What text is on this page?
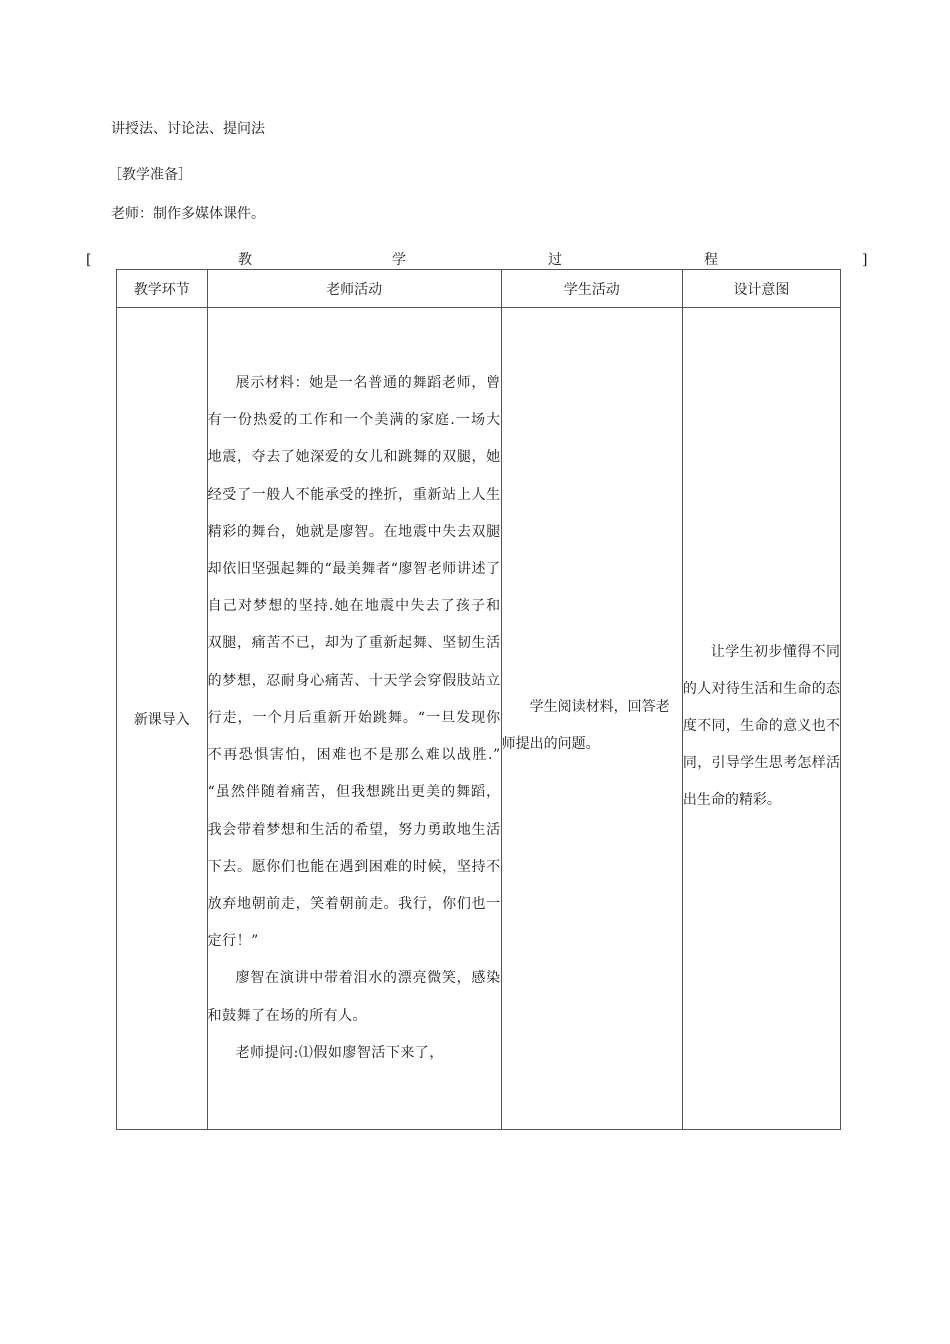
讲授法、讨论法、提问法
［教学准备］
老师：制作多媒体课件。
[	教	学	过	程	]
教学环节	老师活动	学生活动	设计意图
新课导入	展示材料：她是一名普通的舞蹈老师，曾有一份热爱的工作和一个美满的家庭.一场大地震，夺去了她深爱的女儿和跳舞的双腿，她经受了一般人不能承受的挫折，重新站上人生精彩的舞台，她就是廖智。在地震中失去双腿却依旧坚强起舞的“最美舞者“廖智老师讲述了自己对梦想的坚持.她在地震中失去了孩子和双腿，痛苦不已，却为了重新起舞、坚韧生活的梦想，忍耐身心痛苦、十天学会穿假肢站立行走，一个月后重新开始跳舞。“一旦发现你不再恐惧害怕，困难也不是那么难以战胜.” “虽然伴随着痛苦，但我想跳出更美的舞蹈，我会带着梦想和生活的希望，努力勇敢地生活下去。愿你们也能在遇到困难的时候，坚持不放弃地朝前走，笑着朝前走。我行，你们也一定行！”

廖智在演讲中带着泪水的漂亮微笑，感染和鼓舞了在场的所有人。

老师提问:⑴假如廖智活下来了，	学生阅读材料，回答老师提出的问题。	让学生初步懂得不同的人对待生活和生命的态度不同，生命的意义也不同，引导学生思考怎样活出生命的精彩。
